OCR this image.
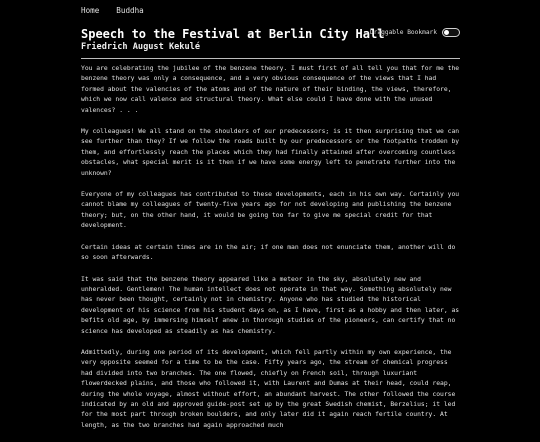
Home Buddha
Speech to the Festival at Berlin City Hall
Friedrich August Kekulé
Draggable Bookmark

You are celebrating the jubilee of the benzene theory. I must first of all tell you that for me the benzene theory was only a consequence, and a very obvious consequence of the views that I had formed about the valencies of the atoms and of the nature of their binding, the views, therefore, which we now call valence and structural theory. What else could I have done with the unused valences? . . .

My colleagues! We all stand on the shoulders of our predecessors; is it then surprising that we can see further than they? If we follow the roads built by our predecessors or the footpaths trodden by them, and effortlessly reach the places which they had finally attained after overcoming countless obstacles, what special merit is it then if we have some energy left to penetrate further into the unknown?

Everyone of my colleagues has contributed to these developments, each in his own way. Certainly you cannot blame my colleagues of twenty-five years ago for not developing and publishing the benzene theory; but, on the other hand, it would be going too far to give me special credit for that development.

Certain ideas at certain times are in the air; if one man does not enunciate them, another will do so soon afterwards.

It was said that the benzene theory appeared like a meteor in the sky, absolutely new and unheralded. Gentlemen! The human intellect does not operate in that way. Something absolutely new has never been thought, certainly not in chemistry. Anyone who has studied the historical development of his science from his student days on, as I have, first as a hobby and then later, as befits old age, by immersing himself anew in thorough studies of the pioneers, can certify that no science has developed as steadily as has chemistry.

Admittedly, during one period of its development, which fell partly within my own experience, the very opposite seemed for a time to be the case. Fifty years ago, the stream of chemical progress had divided into two branches. The one flowed, chiefly on French soil, through luxuriant flowerdecked plains, and those who followed it, with Laurent and Dumas at their head, could reap, during the whole voyage, almost without effort, an abundant harvest. The other followed the course indicated by an old and approved guide-post set up by the great Swedish chemist, Berzelius; it led for the most part through broken boulders, and only later did it again reach fertile country. At length, as the two branches had again approached much
